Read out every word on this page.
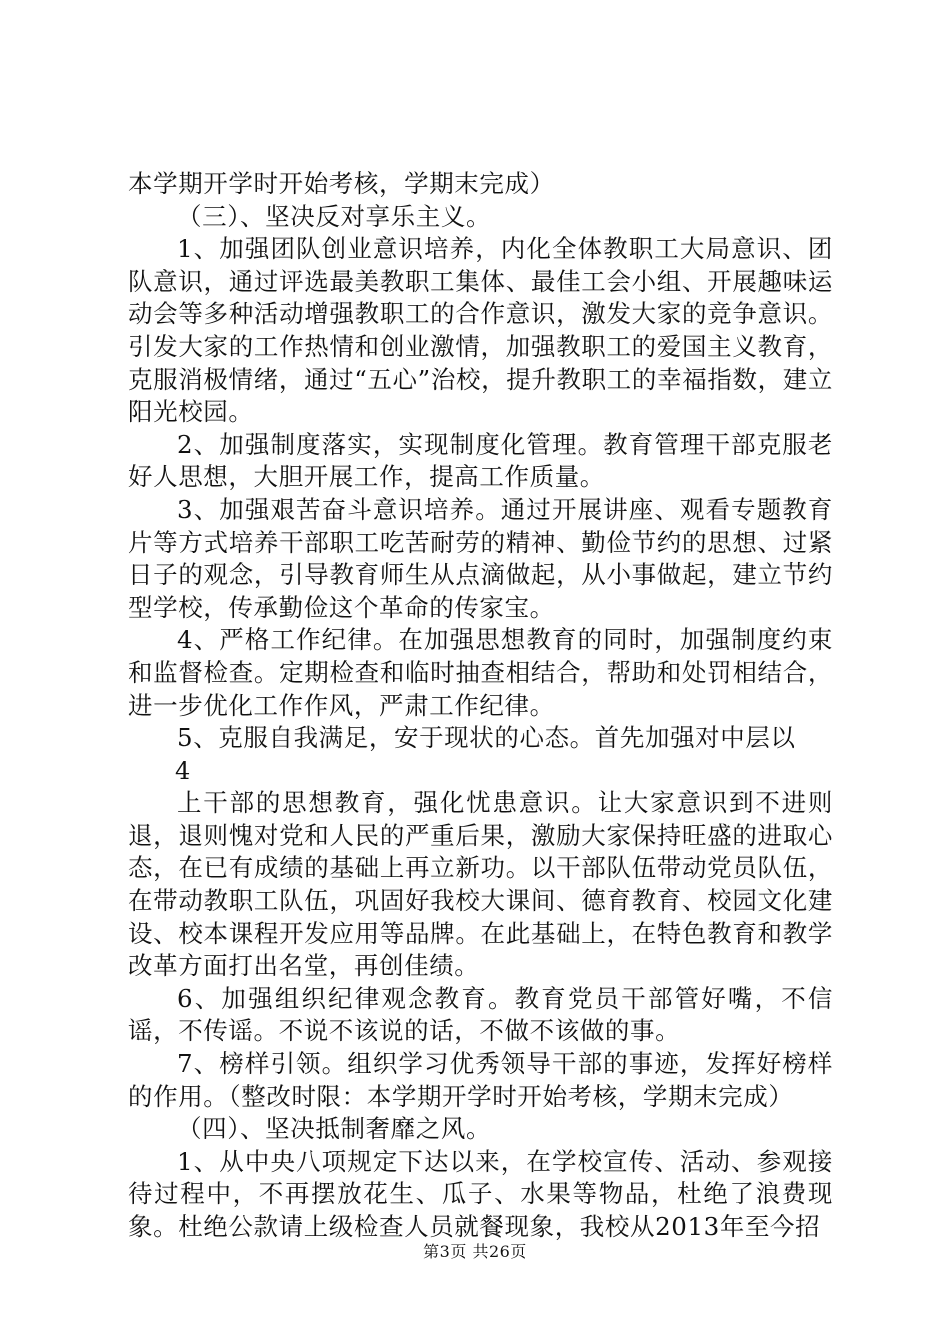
本学期开学时开始考核，学期末完成）

（三）、坚决反对享乐主义。

1、加强团队创业意识培养，内化全体教职工大局意识、团队意识，通过评选最美教职工集体、最佳工会小组、开展趣味运动会等多种活动增强教职工的合作意识，激发大家的竞争意识。引发大家的工作热情和创业激情，加强教职工的爱国主义教育，克服消极情绪，通过“五心”治校，提升教职工的幸福指数，建立阳光校园。

2、加强制度落实，实现制度化管理。教育管理干部克服老好人思想，大胆开展工作，提高工作质量。

3、加强艰苦奋斗意识培养。通过开展讲座、观看专题教育片等方式培养干部职工吃苦耐劳的精神、勤俭节约的思想、过紧日子的观念，引导教育师生从点滴做起，从小事做起，建立节约型学校，传承勤俭这个革命的传家宝。

4、严格工作纪律。在加强思想教育的同时，加强制度约束和监督检查。定期检查和临时抽查相结合，帮助和处罚相结合，进一步优化工作作风，严肃工作纪律。

5、克服自我满足，安于现状的心态。首先加强对中层以

4

上干部的思想教育，强化忧患意识。让大家意识到不进则退，退则愧对党和人民的严重后果，激励大家保持旺盛的进取心态，在已有成绩的基础上再立新功。以干部队伍带动党员队伍，在带动教职工队伍，巩固好我校大课间、德育教育、校园文化建设、校本课程开发应用等品牌。在此基础上，在特色教育和教学改革方面打出名堂，再创佳绩。

6、加强组织纪律观念教育。教育党员干部管好嘴，不信谣，不传谣。不说不该说的话，不做不该做的事。

7、榜样引领。组织学习优秀领导干部的事迹，发挥好榜样的作用。（整改时限：本学期开学时开始考核，学期末完成）

（四）、坚决抵制奢靡之风。

1、从中央八项规定下达以来，在学校宣传、活动、参观接待过程中，不再摆放花生、瓜子、水果等物品，杜绝了浪费现象。杜绝公款请上级检查人员就餐现象，我校从2013年至今招

第3页 共26页
